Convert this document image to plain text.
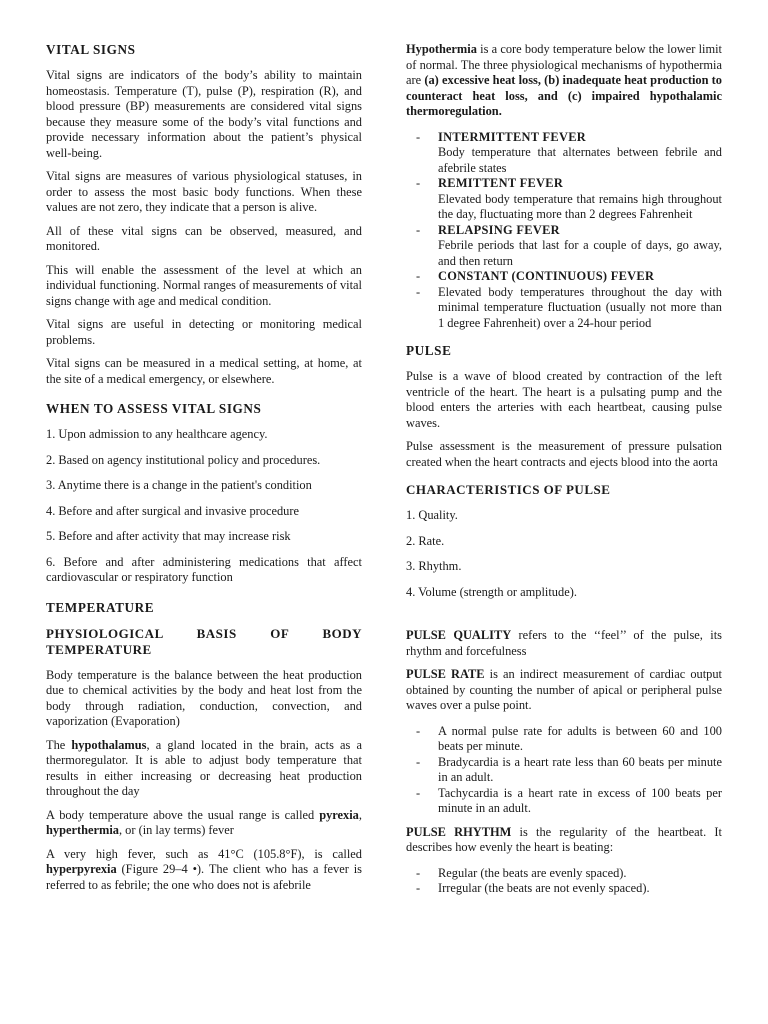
VITAL SIGNS

Vital signs are indicators of the body’s ability to maintain homeostasis. Temperature (T), pulse (P), respiration (R), and blood pressure (BP) measurements are considered vital signs because they measure some of the body’s vital functions and provide necessary information about the patient’s physical well-being.

Vital signs are measures of various physiological statuses, in order to assess the most basic body functions. When these values are not zero, they indicate that a person is alive.

All of these vital signs can be observed, measured, and monitored.

This will enable the assessment of the level at which an individual functioning. Normal ranges of measurements of vital signs change with age and medical condition.

Vital signs are useful in detecting or monitoring medical problems.

Vital signs can be measured in a medical setting, at home, at the site of a medical emergency, or elsewhere.

WHEN TO ASSESS VITAL SIGNS
1. Upon admission to any healthcare agency.
2. Based on agency institutional policy and procedures.
3. Anytime there is a change in the patient's condition
4. Before and after surgical and invasive procedure
5. Before and after activity that may increase risk
6. Before and after administering medications that affect cardiovascular or respiratory function
TEMPERATURE
PHYSIOLOGICAL BASIS OF BODY TEMPERATURE

Body temperature is the balance between the heat production due to chemical activities by the body and heat lost from the body through radiation, conduction, convection, and vaporization (Evaporation)

The hypothalamus, a gland located in the brain, acts as a thermoregulator. It is able to adjust body temperature that results in either increasing or decreasing heat production throughout the day

A body temperature above the usual range is called pyrexia, hyperthermia, or (in lay terms) fever

A very high fever, such as 41°C (105.8°F), is called hyperpyrexia (Figure 29–4 •). The client who has a fever is referred to as febrile; the one who does not is afebrile

Hypothermia is a core body temperature below the lower limit of normal. The three physiological mechanisms of hypothermia are (a) excessive heat loss, (b) inadequate heat production to counteract heat loss, and (c) impaired hypothalamic thermoregulation.

- INTERMITTENT FEVER
Body temperature that alternates between febrile and afebrile states
- REMITTENT FEVER
Elevated body temperature that remains high throughout the day, fluctuating more than 2 degrees Fahrenheit
- RELAPSING FEVER
Febrile periods that last for a couple of days, go away, and then return
- CONSTANT (CONTINUOUS) FEVER
- Elevated body temperatures throughout the day with minimal temperature fluctuation (usually not more than 1 degree Fahrenheit) over a 24-hour period
PULSE

Pulse is a wave of blood created by contraction of the left ventricle of the heart. The heart is a pulsating pump and the blood enters the arteries with each heartbeat, causing pulse waves.

Pulse assessment is the measurement of pressure pulsation created when the heart contracts and ejects blood into the aorta

CHARACTERISTICS OF PULSE
1. Quality.
2. Rate.
3. Rhythm.
4. Volume (strength or amplitude).

PULSE QUALITY refers to the ‘‘feel’’ of the pulse, its rhythm and forcefulness

PULSE RATE is an indirect measurement of cardiac output obtained by counting the number of apical or peripheral pulse waves over a pulse point.

- A normal pulse rate for adults is between 60 and 100 beats per minute.
- Bradycardia is a heart rate less than 60 beats per minute in an adult.
- Tachycardia is a heart rate in excess of 100 beats per minute in an adult.

PULSE RHYTHM is the regularity of the heartbeat. It describes how evenly the heart is beating:

- Regular (the beats are evenly spaced).
- Irregular (the beats are not evenly spaced).
